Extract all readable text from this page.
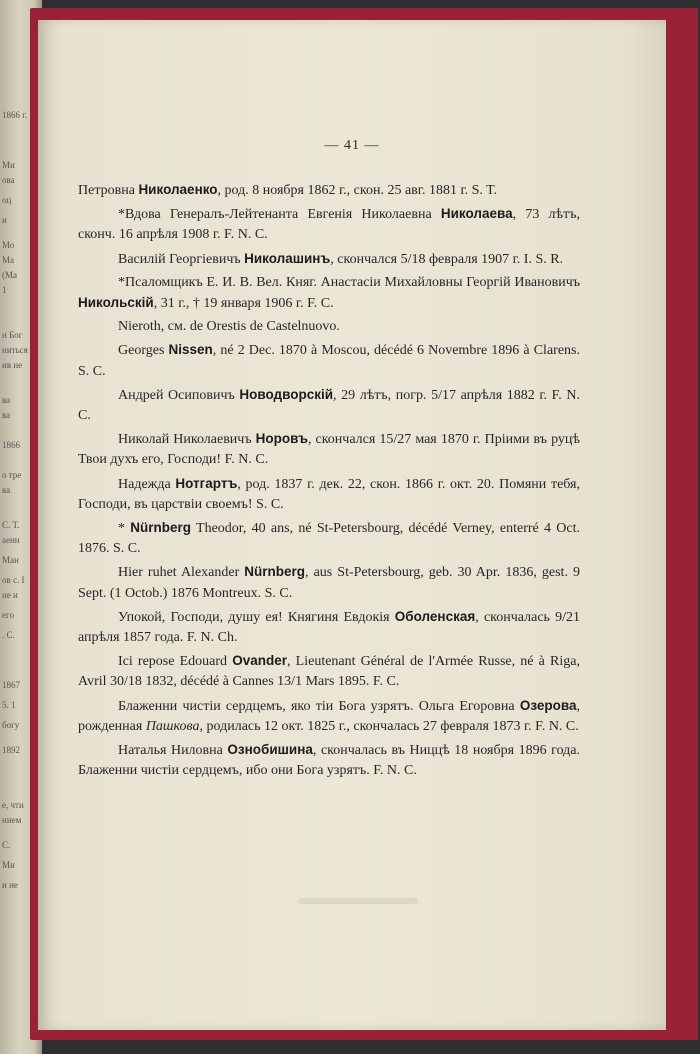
1866 г.
Ми
ова
оц
и
Мо
Ма
(Ма
1
н Бог
ниться
ив не
ва
ва
1866
о тре
ва
С. Т.
аенн
Ман
ов с. I
не и
его
. С.
1867
5. 1
богу
1892
е, чти
нием
С.
Ми
и не
— 41 —

Петровна Николаенко, род. 8 ноября 1862 г., скон. 25 авг. 1881 г. S. T.

*Вдова Генералъ-Лейтенанта Евгенія Николаевна Николаева, 73 лѣтъ, сконч. 16 апрѣля 1908 г. F. N. C.

Василій Георгіевичъ Николашинъ, скончался 5/18 февраля 1907 г. I. S. R.

*Псаломщикъ Е. И. В. Вел. Княг. Анастасіи Михайловны Георгій Ивановичъ Никольскій, 31 г., † 19 января 1906 г. F. C.

Nieroth, см. de Orestis de Castelnuovo.

Georges Nissen, né 2 Dec. 1870 à Moscou, décédé 6 Novembre 1896 à Clarens. S. C.

Андрей Осиповичъ Новодворскій, 29 лѣтъ, погр. 5/17 апрѣля 1882 г. F. N. C.

Николай Николаевичъ Норовъ, скончался 15/27 мая 1870 г. Пріими въ руцѣ Твои духъ его, Господи! F. N. C.

Надежда Нотгартъ, род. 1837 г. дек. 22, скон. 1866 г. окт. 20. Помяни тебя, Господи, въ царствіи своемъ! S. C.

* Nürnberg Theodor, 40 ans, né St-Petersbourg, décédé Verney, enterré 4 Oct. 1876. S. C.

Hier ruhet Alexander Nürnberg, aus St-Petersbourg, geb. 30 Apr. 1836, gest. 9 Sept. (1 Octob.) 1876 Montreux. S. C.

Упокой, Господи, душу ея! Княгиня Евдокія Оболенская, скончалась 9/21 апрѣля 1857 года. F. N. Ch.

Ici repose Edouard Ovander, Lieutenant Général de l'Armée Russe, né à Riga, Avril 30/18 1832, décédé à Cannes 13/1 Mars 1895. F. C.

Блаженни чистіи сердцемъ, яко тіи Бога узрятъ. Ольга Егоровна Озерова, рожденная Пашкова, родилась 12 окт. 1825 г., скончалась 27 февраля 1873 г. F. N. C.

Наталья Ниловна Ознобишина, скончалась въ Ниццѣ 18 ноября 1896 года. Блаженни чистіи сердцемъ, ибо они Бога узрятъ. F. N. C.
